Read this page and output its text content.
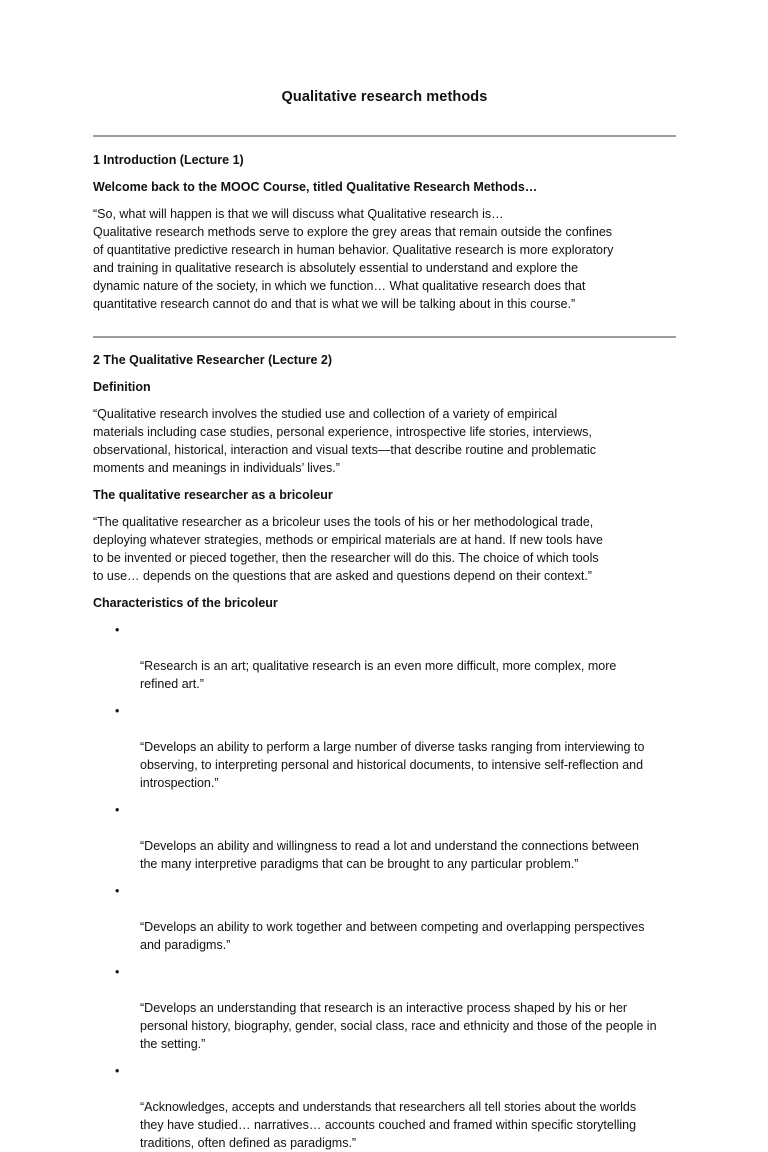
Qualitative research methods
1 Introduction (Lecture 1)

Welcome back to the MOOC Course, titled Qualitative Research Methods…

“So, what will happen is that we will discuss what Qualitative research is…
Qualitative research methods serve to explore the grey areas that remain outside the confines
of quantitative predictive research in human behavior. Qualitative research is more exploratory
and training in qualitative research is absolutely essential to understand and explore the
dynamic nature of the society, in which we function… What qualitative research does that
quantitative research cannot do and that is what we will be talking about in this course.”

2 The Qualitative Researcher (Lecture 2)

Definition

“Qualitative research involves the studied use and collection of a variety of empirical
materials including case studies, personal experience, introspective life stories, interviews,
observational, historical, interaction and visual texts—that describe routine and problematic
moments and meanings in individuals’ lives.”

The qualitative researcher as a bricoleur

“The qualitative researcher as a bricoleur uses the tools of his or her methodological trade,
deploying whatever strategies, methods or empirical materials are at hand. If new tools have
to be invented or pieced together, then the researcher will do this. The choice of which tools
to use… depends on the questions that are asked and questions depend on their context.”

Characteristics of the bricoleur

•

“Research is an art; qualitative research is an even more difficult, more complex, more
refined art.”

•

“Develops an ability to perform a large number of diverse tasks ranging from interviewing to
observing, to interpreting personal and historical documents, to intensive self-reflection and
introspection.”

•

“Develops an ability and willingness to read a lot and understand the connections between
the many interpretive paradigms that can be brought to any particular problem.”

•

“Develops an ability to work together and between competing and overlapping perspectives
and paradigms.”

•

“Develops an understanding that research is an interactive process shaped by his or her
personal history, biography, gender, social class, race and ethnicity and those of the people in
the setting.”

•

“Acknowledges, accepts and understands that researchers all tell stories about the worlds
they have studied… narratives… accounts couched and framed within specific storytelling
traditions, often defined as paradigms.”
